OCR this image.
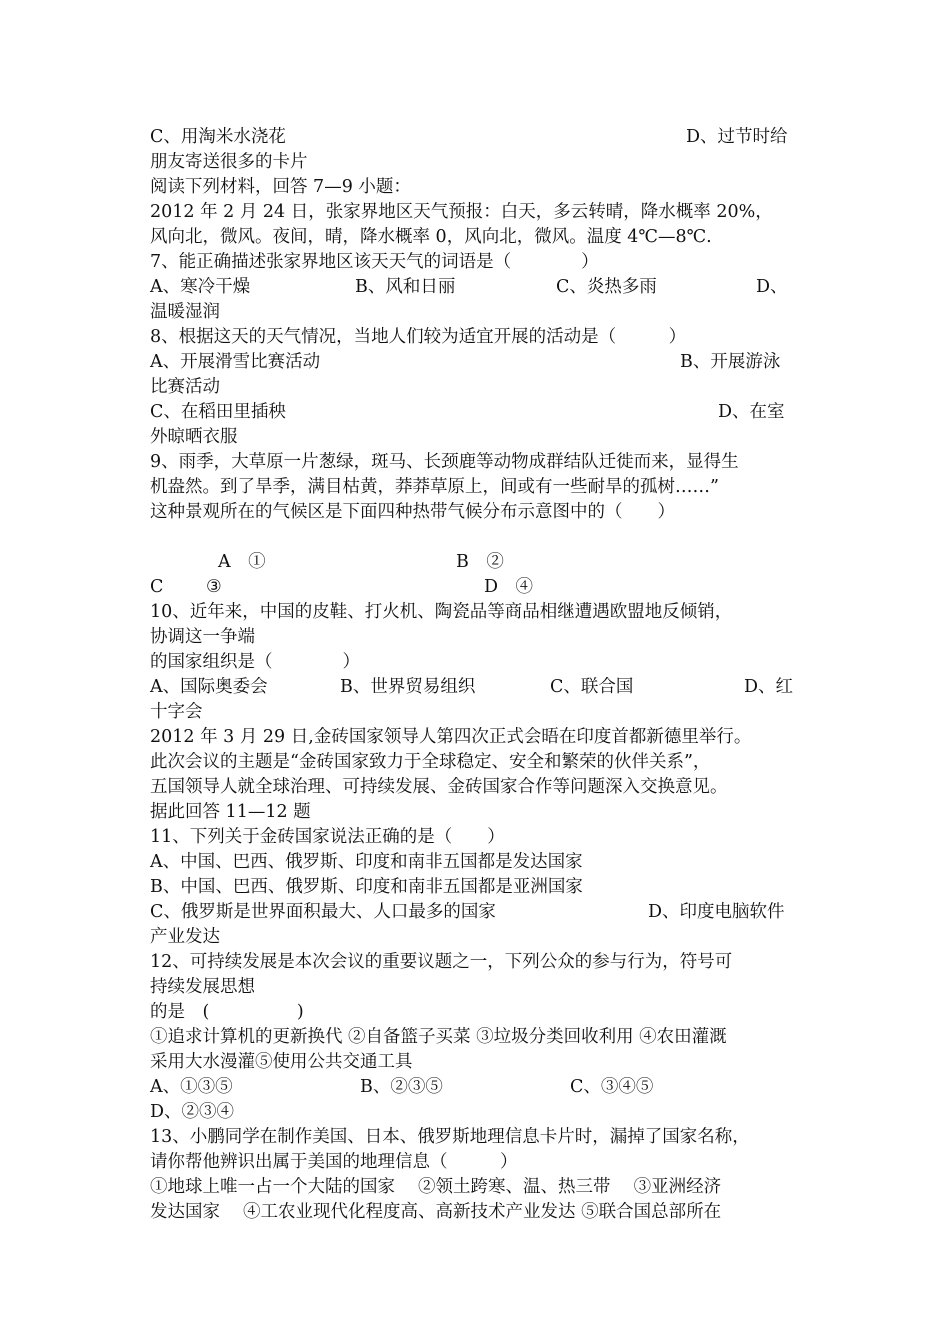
C、用淘米水浇花	D、过节时给
朋友寄送很多的卡片
阅读下列材料，回答 7—9 小题：
2012 年 2 月 24 日，张家界地区天气预报：白天，多云转晴，降水概率 20%，
风向北，微风。夜间，晴，降水概率 0，风向北，微风。温度 4℃—8℃.
7、能正确描述张家界地区该天天气的词语是（　　　　）
A、寒冷干燥	B、风和日丽	C、炎热多雨	D、
温暖湿润
8、根据这天的天气情况，当地人们较为适宜开展的活动是（　　　）
A、开展滑雪比赛活动	B、开展游泳
比赛活动
C、在稻田里插秧	D、在室
外晾晒衣服
9、雨季，大草原一片葱绿，斑马、长颈鹿等动物成群结队迁徙而来，显得生
机盎然。到了旱季，满目枯黄，莽莽草原上，间或有一些耐旱的孤树……”
这种景观所在的气候区是下面四种热带气候分布示意图中的（　　）
A　①	B　②
C ③	D　④
10、近年来，中国的皮鞋、打火机、陶瓷品等商品相继遭遇欧盟地反倾销，
协调这一争端
的国家组织是（　　　　）
A、国际奥委会	B、世界贸易组织	C、联合国	D、红
十字会
2012 年 3 月 29 日,金砖国家领导人第四次正式会晤在印度首都新德里举行。
此次会议的主题是“金砖国家致力于全球稳定、安全和繁荣的伙伴关系”，
五国领导人就全球治理、可持续发展、金砖国家合作等问题深入交换意见。
据此回答 11—12 题
11、下列关于金砖国家说法正确的是（　　）
A、中国、巴西、俄罗斯、印度和南非五国都是发达国家
B、中国、巴西、俄罗斯、印度和南非五国都是亚洲国家
C、俄罗斯是世界面积最大、人口最多的国家	D、印度电脑软件
产业发达
12、可持续发展是本次会议的重要议题之一，下列公众的参与行为，符号可
持续发展思想
的是　(　　　　　)
①追求计算机的更新换代 ②自备篮子买菜 ③垃圾分类回收利用 ④农田灌溉
采用大水漫灌⑤使用公共交通工具
A、①③⑤	B、②③⑤	C、③④⑤
D、②③④
13、小鹏同学在制作美国、日本、俄罗斯地理信息卡片时，漏掉了国家名称，
请你帮他辨识出属于美国的地理信息（　　　）
①地球上唯一占一个大陆的国家　 ②领土跨寒、温、热三带　 ③亚洲经济
发达国家　 ④工农业现代化程度高、高新技术产业发达 ⑤联合国总部所在
